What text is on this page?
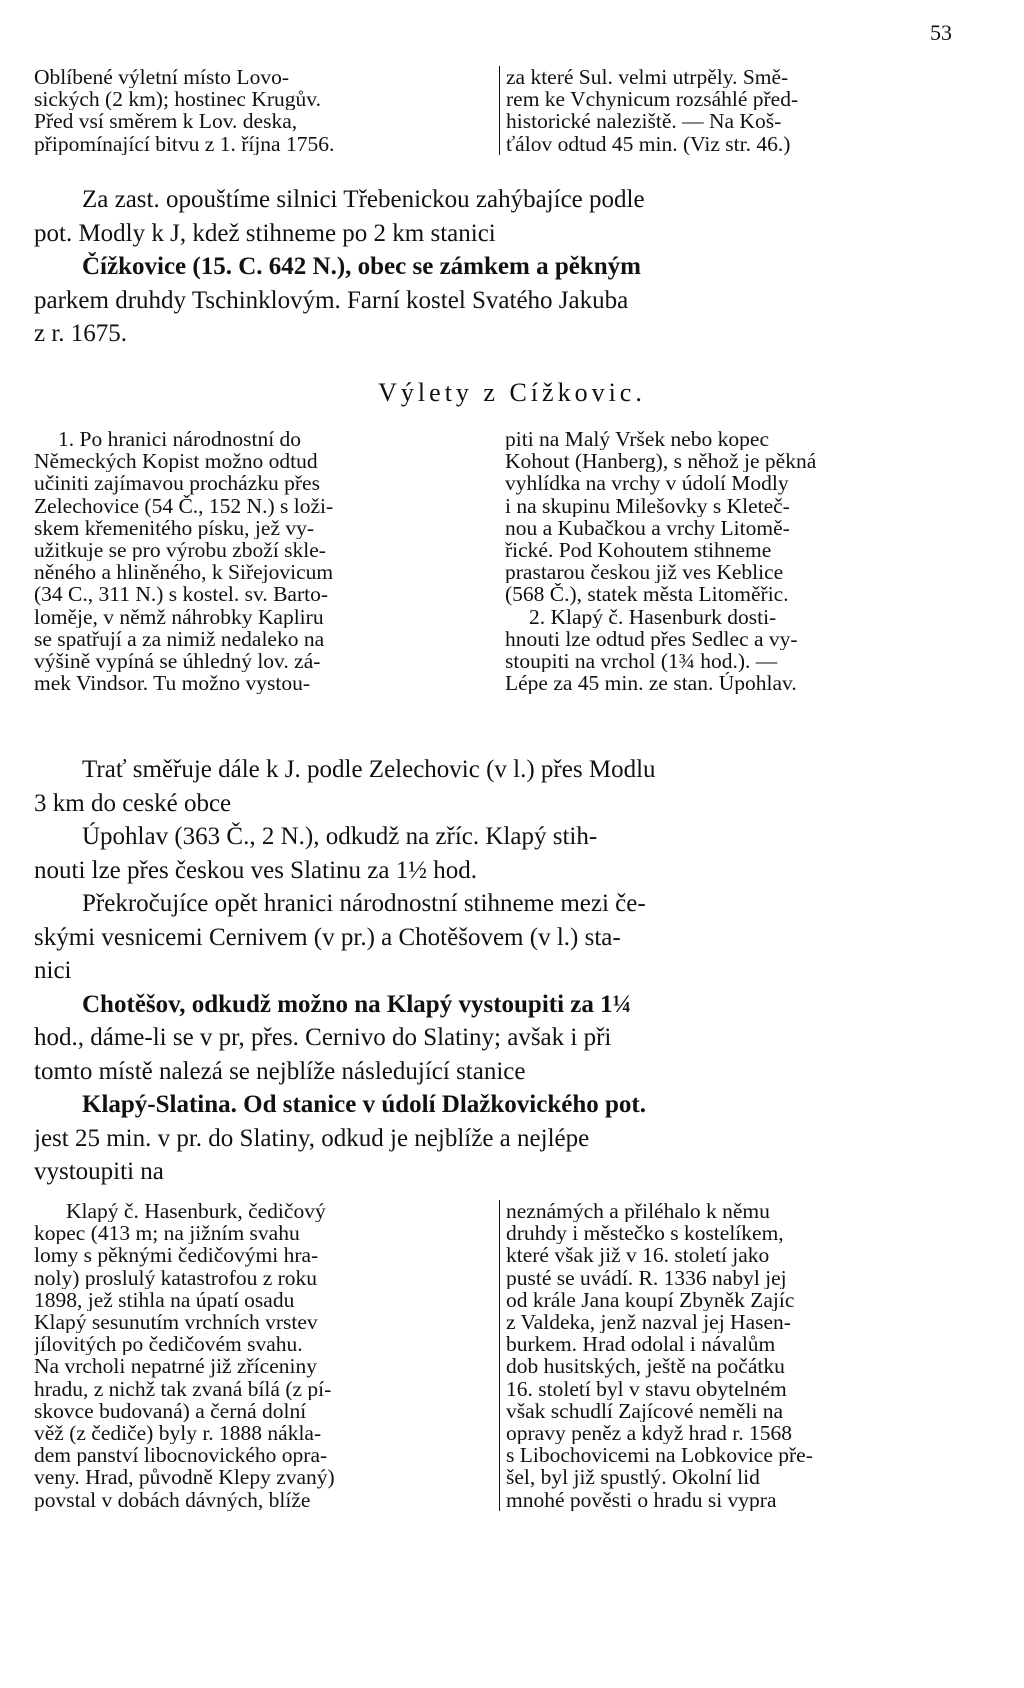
53
Oblíbené výletní místo Lovo-
sických (2 km); hostinec Krugův.
Před vsí směrem k Lov. deska,
připomínající bitvu z 1. října 1756.
za které Sul. velmi utrpěly. Smě-
rem ke Vchynicum rozsáhlé před-
historické naleziště. — Na Koš-
ťálov odtud 45 min. (Viz str. 46.)
Za zast. opouštíme silnici Třebenickou zahýbajíce podle
pot. Modly k J, kdež stihneme po 2 km stanici
Čížkovice (15. C. 642 N.), obec se zámkem a pěkným
parkem druhdy Tschinklovým. Farní kostel Svatého Jakuba
z r. 1675.
Výlety z Cížkovic.
1. Po hranici národnostní do
Německých Kopist možno odtud
učiniti zajímavou procházku přes
Zelechovice (54 Č., 152 N.) s loži-
skem křemenitého písku, jež vy-
užitkuje se pro výrobu zboží skle-
něného a hliněného, k Siřejovicum
(34 C., 311 N.) s kostel. sv. Barto-
loměje, v němž náhrobky Kapliru
se spatřují a za nimiž nedaleko na
výšině vypíná se úhledný lov. zá-
mek Vindsor. Tu možno vystou-
piti na Malý Vršek nebo kopec
Kohout (Hanberg), s něhož je pěkná
vyhlídka na vrchy v údolí Modly
i na skupinu Milešovky s Kleteč-
nou a Kubačkou a vrchy Litomě-
řické. Pod Kohoutem stihneme
prastarou českou již ves Keblice
(568 Č.), statek města Litoměřic.
2. Klapý č. Hasenburk dosti-
hnouti lze odtud přes Sedlec a vy-
stoupiti na vrchol (1¾ hod.). —
Lépe za 45 min. ze stan. Úpohlav.
Trať směřuje dále k J. podle Zelechovic (v l.) přes Modlu
3 km do ceské obce
Úpohlav (363 Č., 2 N.), odkudž na zříc. Klapý stih-
nouti lze přes českou ves Slatinu za 1½ hod.
Překročujíce opět hranici národnostní stihneme mezi če-
skými vesnicemi Cernivem (v pr.) a Chotěšovem (v l.) sta-
nici
Chotěšov, odkudž možno na Klapý vystoupiti za 1¼
hod., dáme-li se v pr, přes. Cernivo do Slatiny; avšak i při
tomto místě nalezá se nejblíže následující stanice
Klapý-Slatina. Od stanice v údolí Dlažkovického pot.
jest 25 min. v pr. do Slatiny, odkud je nejblíže a nejlépe
vystoupiti na
Klapý č. Hasenburk, čedičový
kopec (413 m; na jižním svahu
lomy s pěknými čedičovými hra-
noly) proslulý katastrofou z roku
1898, jež stihla na úpatí osadu
Klapý sesunutím vrchních vrstev
jílovitých po čedičovém svahu.
Na vrcholi nepatrné již zříceniny
hradu, z nichž tak zvaná bílá (z pí-
skovce budovaná) a černá dolní
věž (z čediče) byly r. 1888 nákla-
dem panství libocnovického opra-
veny. Hrad, původně Klepy zvaný)
povstal v dobách dávných, blíže
neznámých a přiléhalo k němu
druhdy i městečko s kostelíkem,
které však již v 16. století jako
pusté se uvádí. R. 1336 nabyl jej
od krále Jana koupí Zbyněk Zajíc
z Valdeka, jenž nazval jej Hasen-
burkem. Hrad odolal i návalům
dob husitských, ještě na počátku
16. století byl v stavu obytelném
však schudlí Zajícové neměli na
opravy peněz a když hrad r. 1568
s Libochovicemi na Lobkovice pře-
šel, byl již spustlý. Okolní lid
mnohé pověsti o hradu si vypra
